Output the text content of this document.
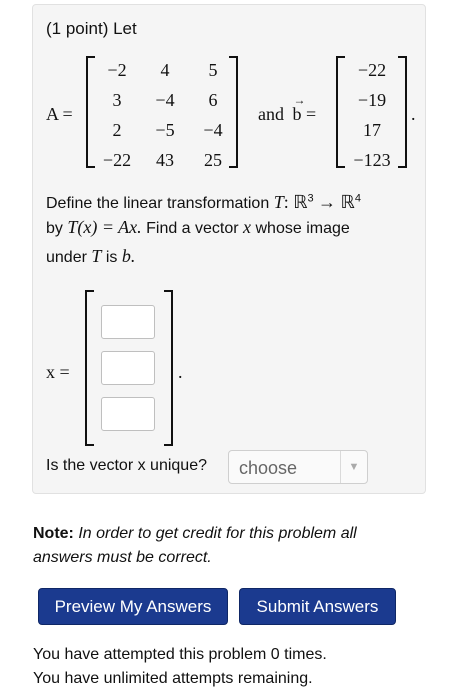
(1 point) Let
A =
−2	4	5
3	−4	6
2	−5	−4
−22	43	25
and
→
b =
−22
−19
17
−123
.
Define the linear transformation T: ℝ$^3$ → ℝ$^4$
by T(x) = Ax. Find a vector x whose image
under T is b.
x =	.
Is the vector x unique? choose	▼
Note: In order to get credit for this problem all
answers must be correct.
Preview My Answers	Submit Answers
You have attempted this problem 0 times.
You have unlimited attempts remaining.
